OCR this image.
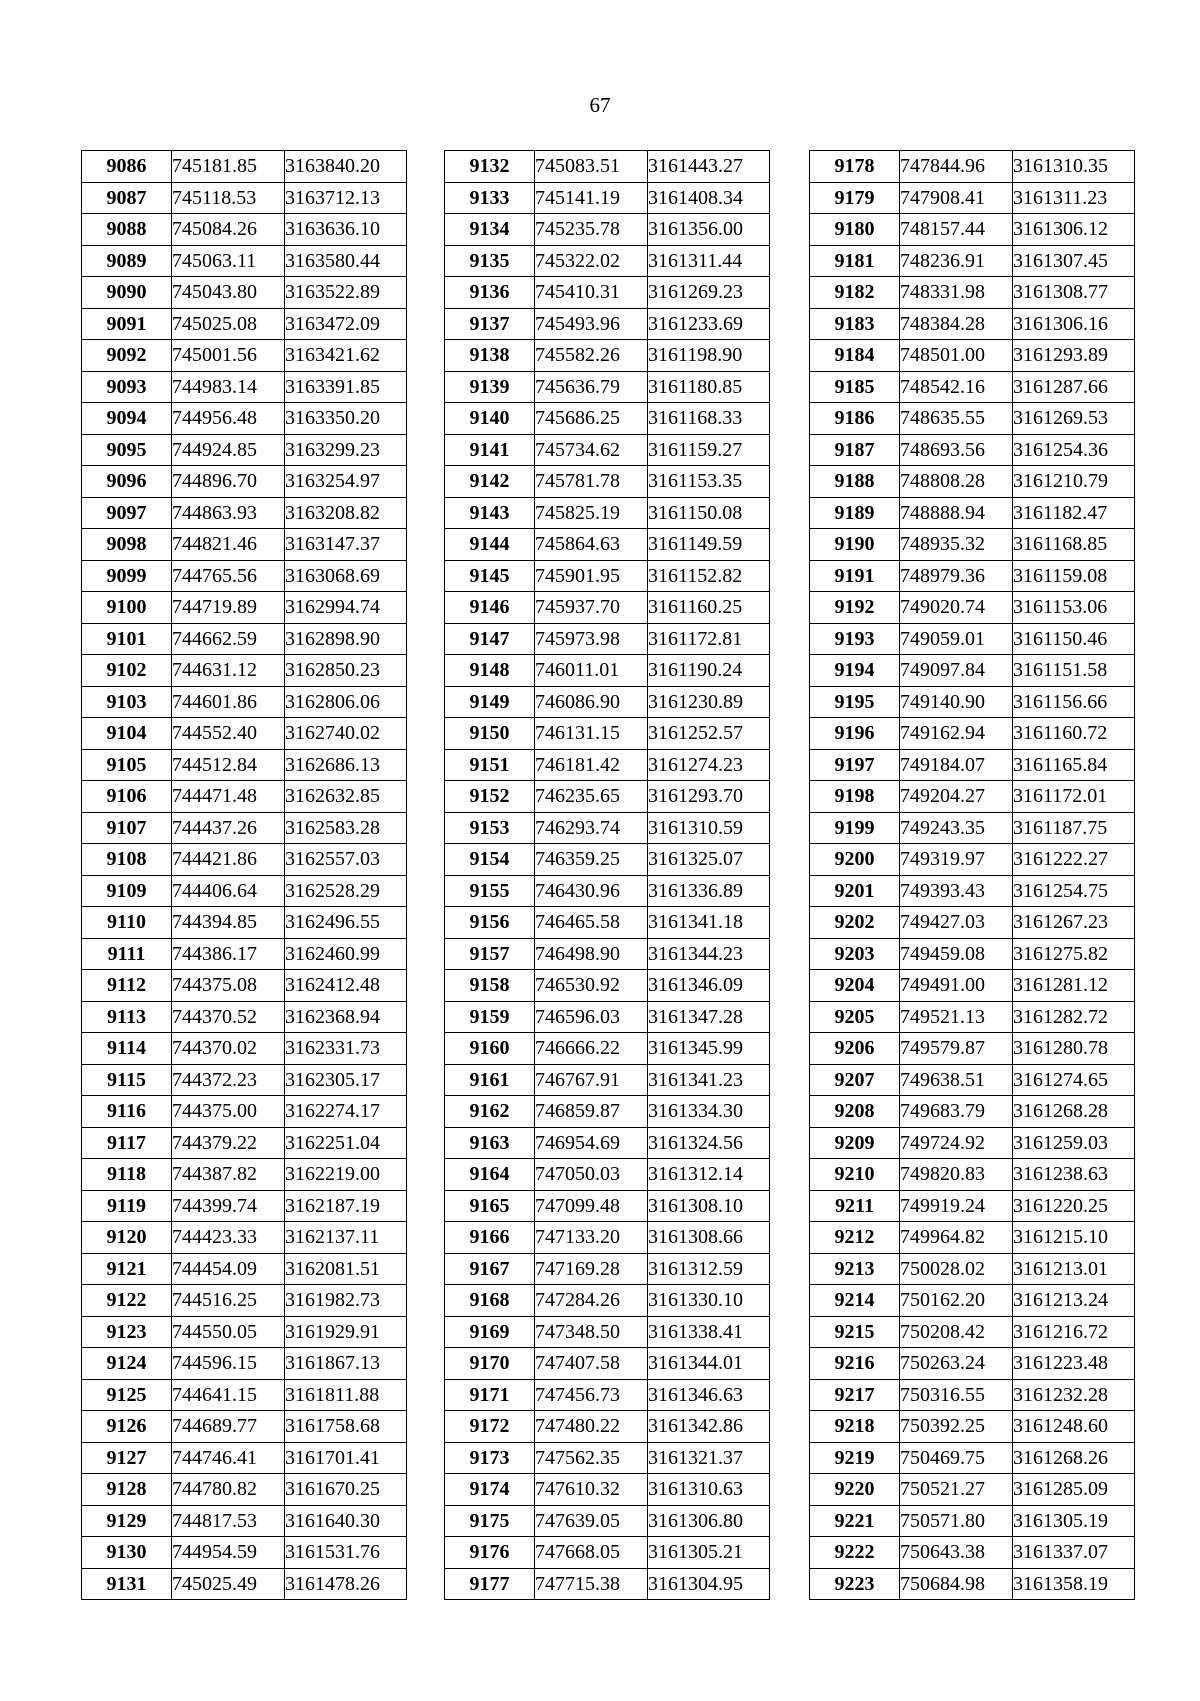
67
9086	745181.85	3163840.20
9087	745118.53	3163712.13
9088	745084.26	3163636.10
9089	745063.11	3163580.44
9090	745043.80	3163522.89
9091	745025.08	3163472.09
9092	745001.56	3163421.62
9093	744983.14	3163391.85
9094	744956.48	3163350.20
9095	744924.85	3163299.23
9096	744896.70	3163254.97
9097	744863.93	3163208.82
9098	744821.46	3163147.37
9099	744765.56	3163068.69
9100	744719.89	3162994.74
9101	744662.59	3162898.90
9102	744631.12	3162850.23
9103	744601.86	3162806.06
9104	744552.40	3162740.02
9105	744512.84	3162686.13
9106	744471.48	3162632.85
9107	744437.26	3162583.28
9108	744421.86	3162557.03
9109	744406.64	3162528.29
9110	744394.85	3162496.55
9111	744386.17	3162460.99
9112	744375.08	3162412.48
9113	744370.52	3162368.94
9114	744370.02	3162331.73
9115	744372.23	3162305.17
9116	744375.00	3162274.17
9117	744379.22	3162251.04
9118	744387.82	3162219.00
9119	744399.74	3162187.19
9120	744423.33	3162137.11
9121	744454.09	3162081.51
9122	744516.25	3161982.73
9123	744550.05	3161929.91
9124	744596.15	3161867.13
9125	744641.15	3161811.88
9126	744689.77	3161758.68
9127	744746.41	3161701.41
9128	744780.82	3161670.25
9129	744817.53	3161640.30
9130	744954.59	3161531.76
9131	745025.49	3161478.26
9132	745083.51	3161443.27
9133	745141.19	3161408.34
9134	745235.78	3161356.00
9135	745322.02	3161311.44
9136	745410.31	3161269.23
9137	745493.96	3161233.69
9138	745582.26	3161198.90
9139	745636.79	3161180.85
9140	745686.25	3161168.33
9141	745734.62	3161159.27
9142	745781.78	3161153.35
9143	745825.19	3161150.08
9144	745864.63	3161149.59
9145	745901.95	3161152.82
9146	745937.70	3161160.25
9147	745973.98	3161172.81
9148	746011.01	3161190.24
9149	746086.90	3161230.89
9150	746131.15	3161252.57
9151	746181.42	3161274.23
9152	746235.65	3161293.70
9153	746293.74	3161310.59
9154	746359.25	3161325.07
9155	746430.96	3161336.89
9156	746465.58	3161341.18
9157	746498.90	3161344.23
9158	746530.92	3161346.09
9159	746596.03	3161347.28
9160	746666.22	3161345.99
9161	746767.91	3161341.23
9162	746859.87	3161334.30
9163	746954.69	3161324.56
9164	747050.03	3161312.14
9165	747099.48	3161308.10
9166	747133.20	3161308.66
9167	747169.28	3161312.59
9168	747284.26	3161330.10
9169	747348.50	3161338.41
9170	747407.58	3161344.01
9171	747456.73	3161346.63
9172	747480.22	3161342.86
9173	747562.35	3161321.37
9174	747610.32	3161310.63
9175	747639.05	3161306.80
9176	747668.05	3161305.21
9177	747715.38	3161304.95
9178	747844.96	3161310.35
9179	747908.41	3161311.23
9180	748157.44	3161306.12
9181	748236.91	3161307.45
9182	748331.98	3161308.77
9183	748384.28	3161306.16
9184	748501.00	3161293.89
9185	748542.16	3161287.66
9186	748635.55	3161269.53
9187	748693.56	3161254.36
9188	748808.28	3161210.79
9189	748888.94	3161182.47
9190	748935.32	3161168.85
9191	748979.36	3161159.08
9192	749020.74	3161153.06
9193	749059.01	3161150.46
9194	749097.84	3161151.58
9195	749140.90	3161156.66
9196	749162.94	3161160.72
9197	749184.07	3161165.84
9198	749204.27	3161172.01
9199	749243.35	3161187.75
9200	749319.97	3161222.27
9201	749393.43	3161254.75
9202	749427.03	3161267.23
9203	749459.08	3161275.82
9204	749491.00	3161281.12
9205	749521.13	3161282.72
9206	749579.87	3161280.78
9207	749638.51	3161274.65
9208	749683.79	3161268.28
9209	749724.92	3161259.03
9210	749820.83	3161238.63
9211	749919.24	3161220.25
9212	749964.82	3161215.10
9213	750028.02	3161213.01
9214	750162.20	3161213.24
9215	750208.42	3161216.72
9216	750263.24	3161223.48
9217	750316.55	3161232.28
9218	750392.25	3161248.60
9219	750469.75	3161268.26
9220	750521.27	3161285.09
9221	750571.80	3161305.19
9222	750643.38	3161337.07
9223	750684.98	3161358.19
